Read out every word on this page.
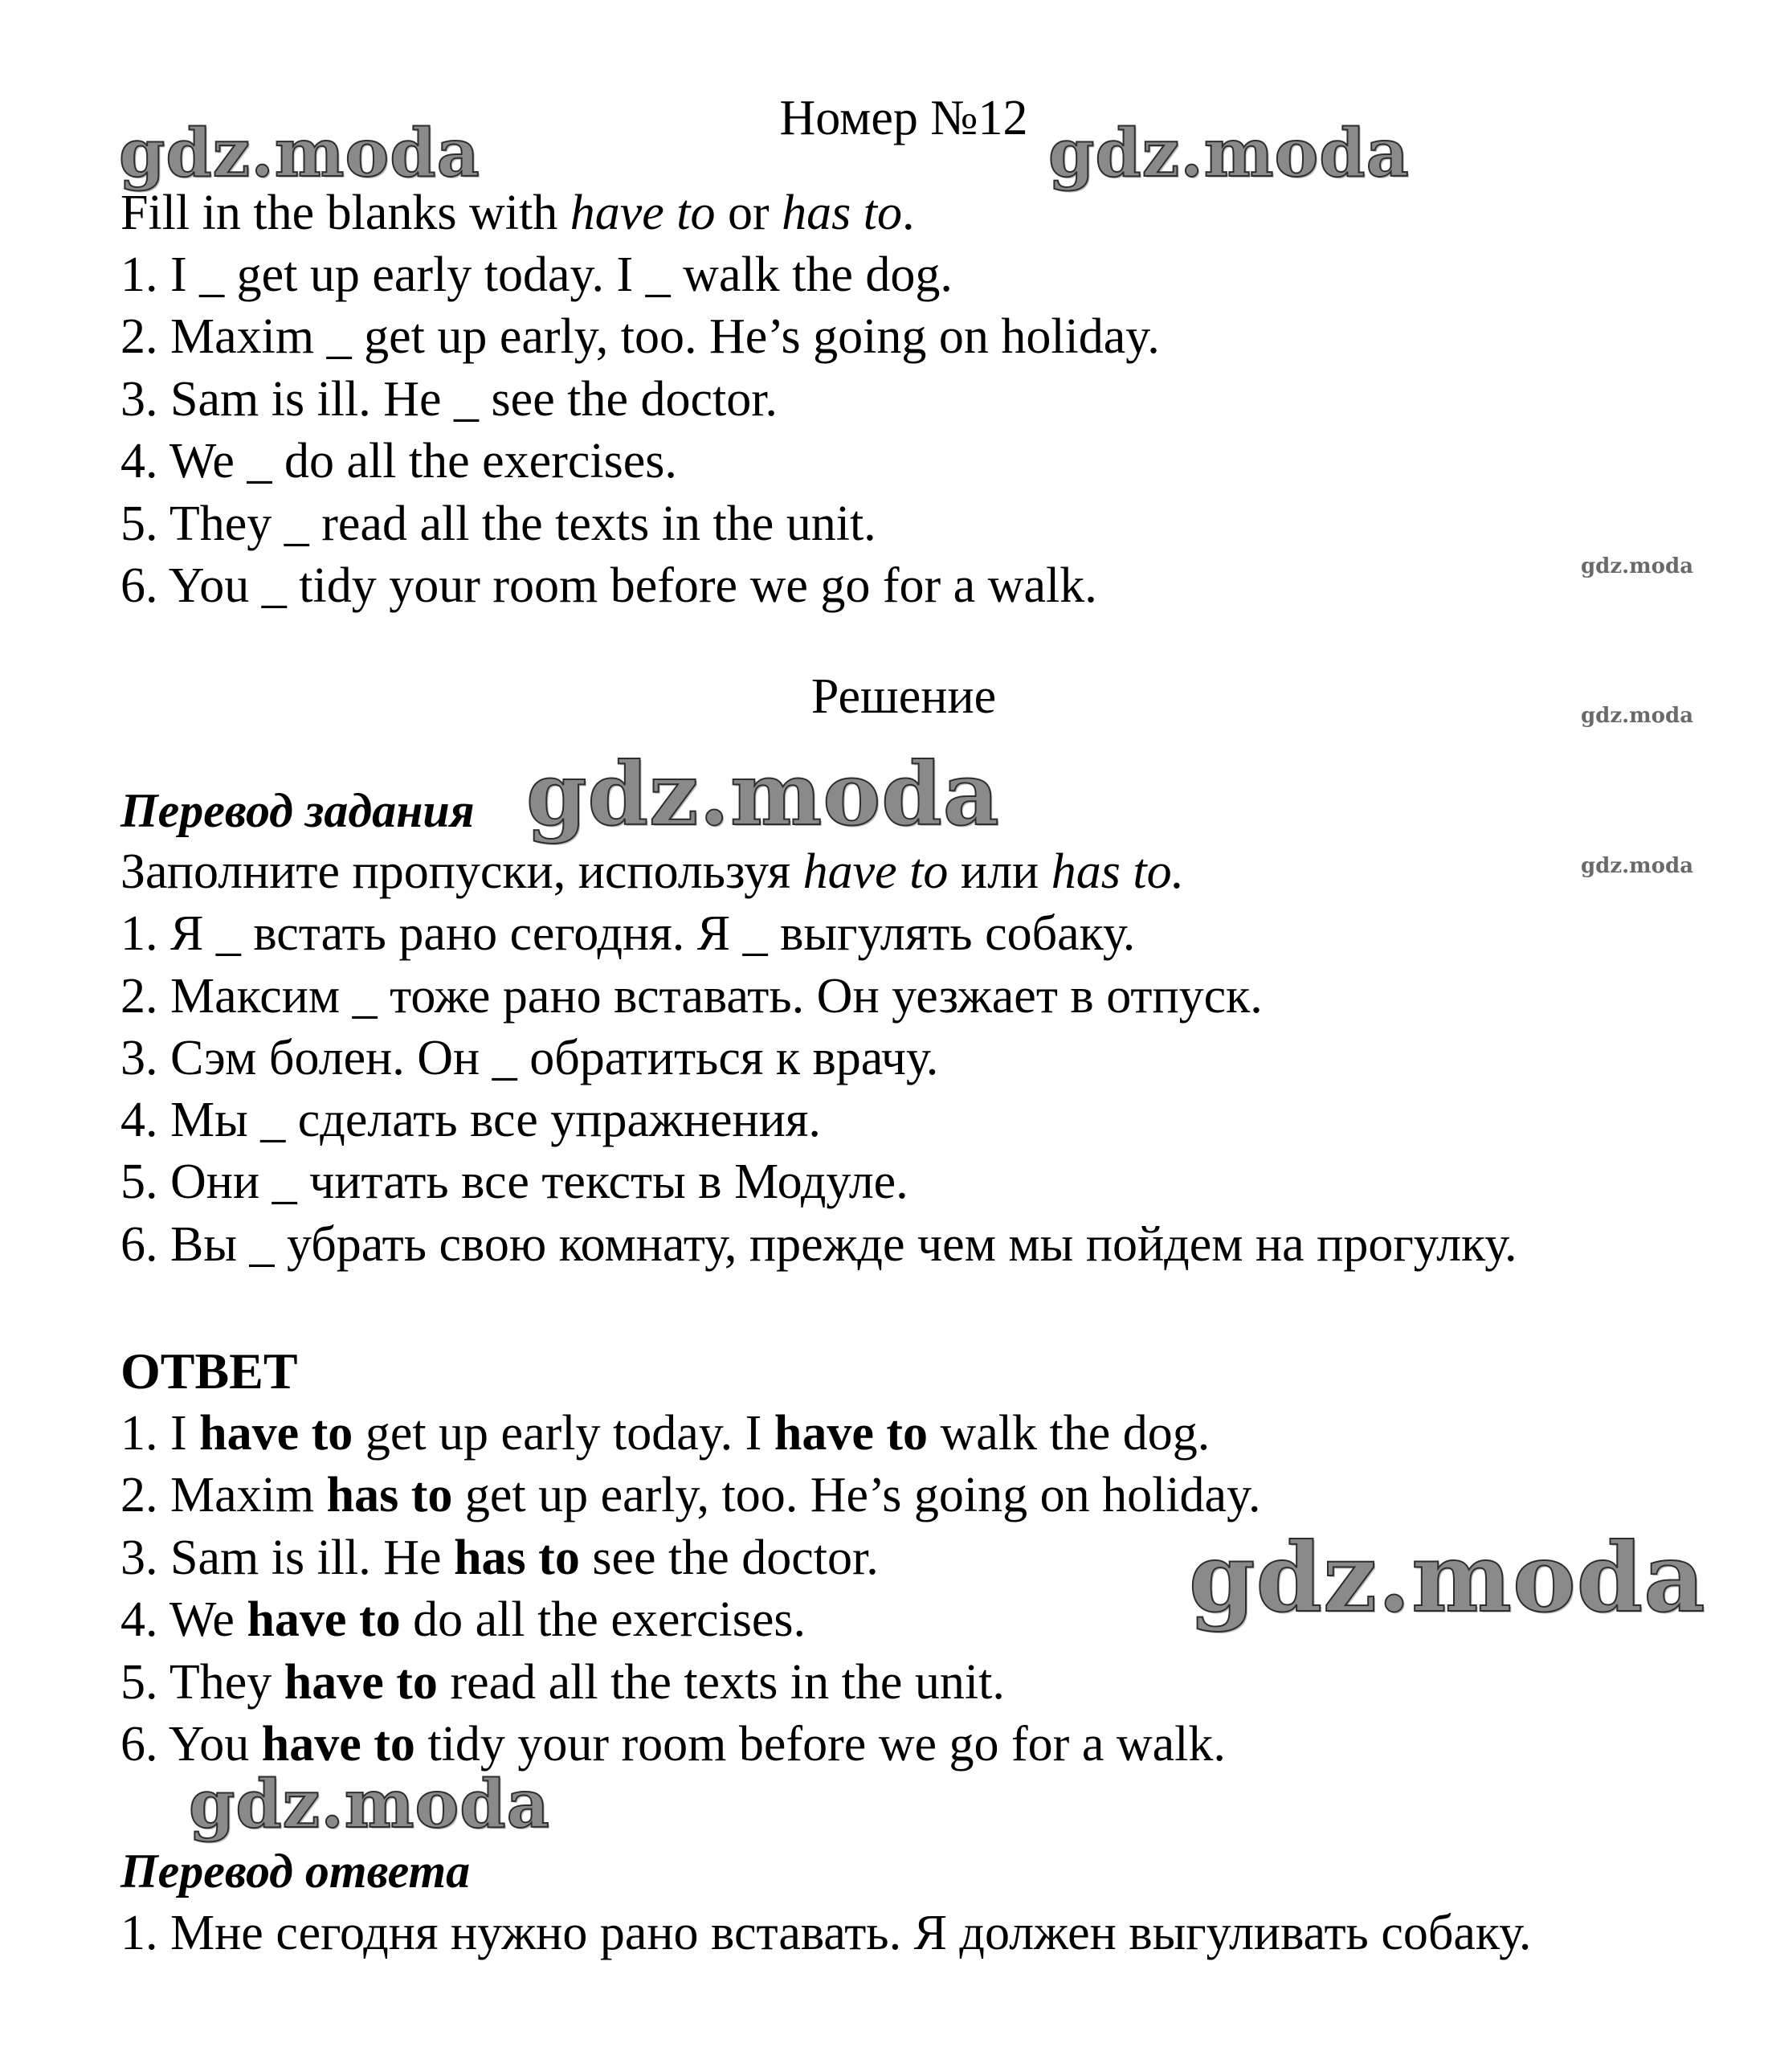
Номер №12

Fill in the blanks with have to or has to.

1. I _ get up early today. I _ walk the dog.

2. Maxim _ get up early, too. He’s going on holiday.

3. Sam is ill. He _ see the doctor.

4. We _ do all the exercises.

5. They _ read all the texts in the unit.

6. You _ tidy your room before we go for a walk.

Решение

Перевод задания

Заполните пропуски, используя have to или has to.

1. Я _ встать рано сегодня. Я _ выгулять собаку.

2. Максим _ тоже рано вставать. Он уезжает в отпуск.

3. Сэм болен. Он _ обратиться к врачу.

4. Мы _ сделать все упражнения.

5. Они _ читать все тексты в Модуле.

6. Вы _ убрать свою комнату, прежде чем мы пойдем на прогулку.

ОТВЕТ

1. I have to get up early today. I have to walk the dog.

2. Maxim has to get up early, too. He’s going on holiday.

3. Sam is ill. He has to see the doctor.

4. We have to do all the exercises.

5. They have to read all the texts in the unit.

6. You have to tidy your room before we go for a walk.

Перевод ответа

1. Мне сегодня нужно рано вставать. Я должен выгуливать собаку.

gdz.moda	gdz.moda
gdz.moda
gdz.moda
gdz.moda
gdz.moda
gdz.moda
gdz.moda
